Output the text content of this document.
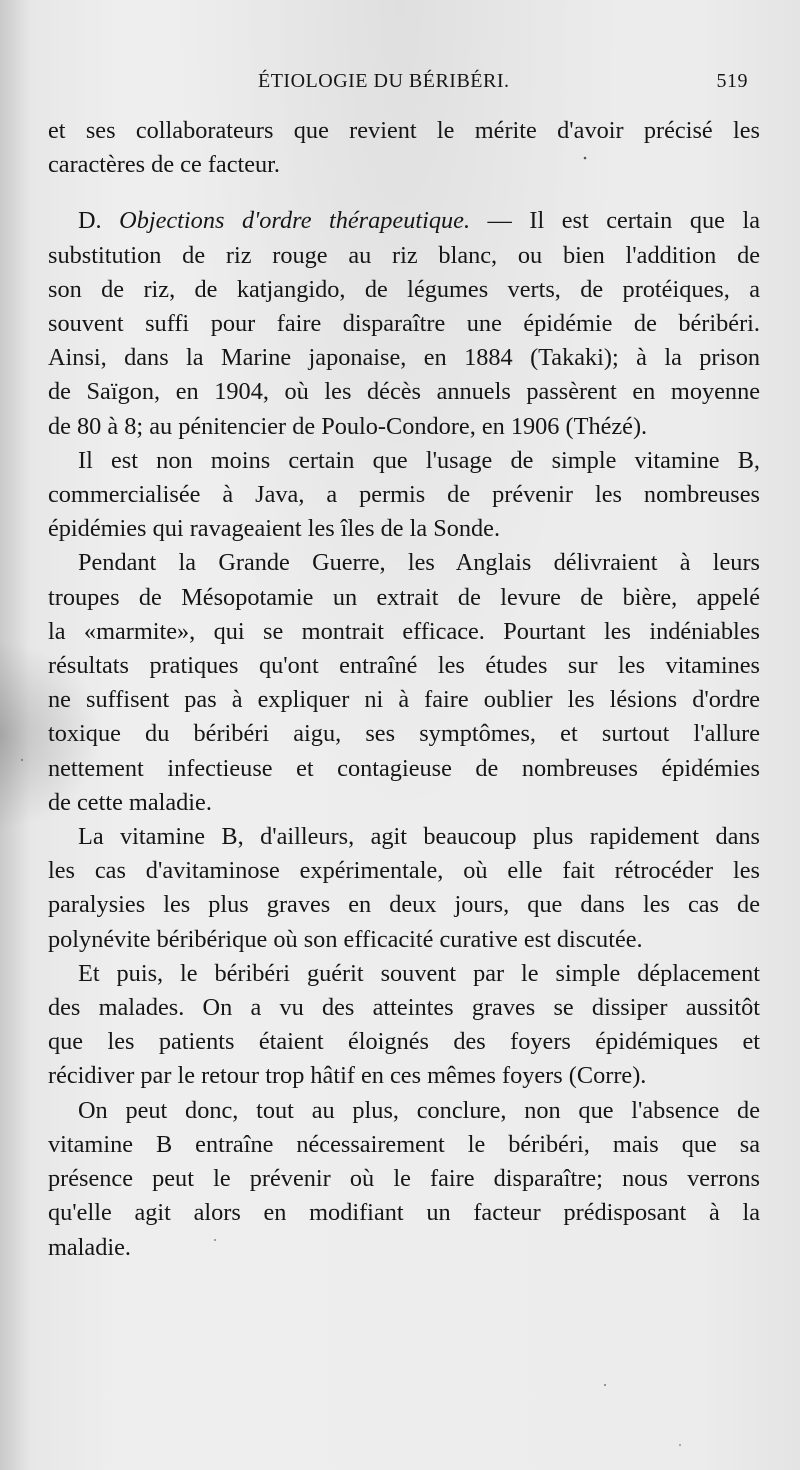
ÉTIOLOGIE DU BÉRIBÉRI.	519

et ses collaborateurs que revient le mérite d'avoir précisé les
caractères de ce facteur.

D. Objections d'ordre thérapeutique. — Il est certain que la
substitution de riz rouge au riz blanc, ou bien l'addition de
son de riz, de katjangido, de légumes verts, de protéiques, a
souvent suffi pour faire disparaître une épidémie de béribéri.
Ainsi, dans la Marine japonaise, en 1884 (Takaki); à la prison
de Saïgon, en 1904, où les décès annuels passèrent en moyenne
de 80 à 8; au pénitencier de Poulo-Condore, en 1906 (Thézé).

Il est non moins certain que l'usage de simple vitamine B,
commercialisée à Java, a permis de prévenir les nombreuses
épidémies qui ravageaient les îles de la Sonde.

Pendant la Grande Guerre, les Anglais délivraient à leurs
troupes de Mésopotamie un extrait de levure de bière, appelé
la «marmite», qui se montrait efficace. Pourtant les indéniables
résultats pratiques qu'ont entraîné les études sur les vitamines
ne suffisent pas à expliquer ni à faire oublier les lésions d'ordre
toxique du béribéri aigu, ses symptômes, et surtout l'allure
nettement infectieuse et contagieuse de nombreuses épidémies
de cette maladie.

La vitamine B, d'ailleurs, agit beaucoup plus rapidement dans
les cas d'avitaminose expérimentale, où elle fait rétrocéder les
paralysies les plus graves en deux jours, que dans les cas de
polynévite béribérique où son efficacité curative est discutée.

Et puis, le béribéri guérit souvent par le simple déplacement
des malades. On a vu des atteintes graves se dissiper aussitôt
que les patients étaient éloignés des foyers épidémiques et
récidiver par le retour trop hâtif en ces mêmes foyers (Corre).

On peut donc, tout au plus, conclure, non que l'absence de
vitamine B entraîne nécessairement le béribéri, mais que sa
présence peut le prévenir où le faire disparaître; nous verrons
qu'elle agit alors en modifiant un facteur prédisposant à la
maladie.
